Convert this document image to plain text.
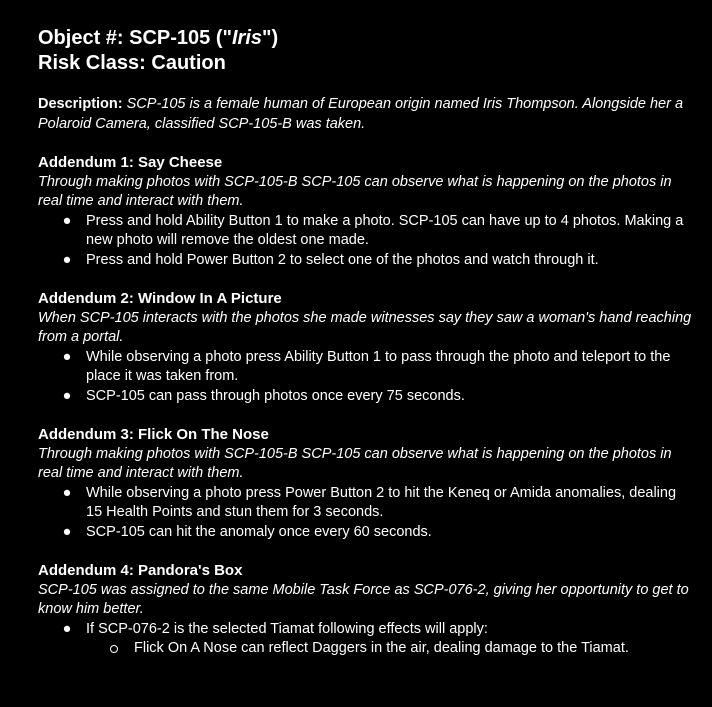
Object #: SCP-105 ("Iris")

Risk Class: Caution

Description: SCP-105 is a female human of European origin named Iris Thompson. Alongside her a Polaroid Camera, classified SCP-105-B was taken.

Addendum 1: Say Cheese

Through making photos with SCP-105-B SCP-105 can observe what is happening on the photos in real time and interact with them.

● Press and hold Ability Button 1 to make a photo. SCP-105 can have up to 4 photos. Making a new photo will remove the oldest one made.
● Press and hold Power Button 2 to select one of the photos and watch through it.

Addendum 2: Window In A Picture

When SCP-105 interacts with the photos she made witnesses say they saw a woman's hand reaching from a portal.

● While observing a photo press Ability Button 1 to pass through the photo and teleport to the place it was taken from.
● SCP-105 can pass through photos once every 75 seconds.

Addendum 3: Flick On The Nose

Through making photos with SCP-105-B SCP-105 can observe what is happening on the photos in real time and interact with them.

● While observing a photo press Power Button 2 to hit the Keneq or Amida anomalies, dealing 15 Health Points and stun them for 3 seconds.
● SCP-105 can hit the anomaly once every 60 seconds.

Addendum 4: Pandora's Box

SCP-105 was assigned to the same Mobile Task Force as SCP-076-2, giving her opportunity to get to know him better.

● If SCP-076-2 is the selected Tiamat following effects will apply:
Flick On A Nose can reflect Daggers in the air, dealing damage to the Tiamat.
